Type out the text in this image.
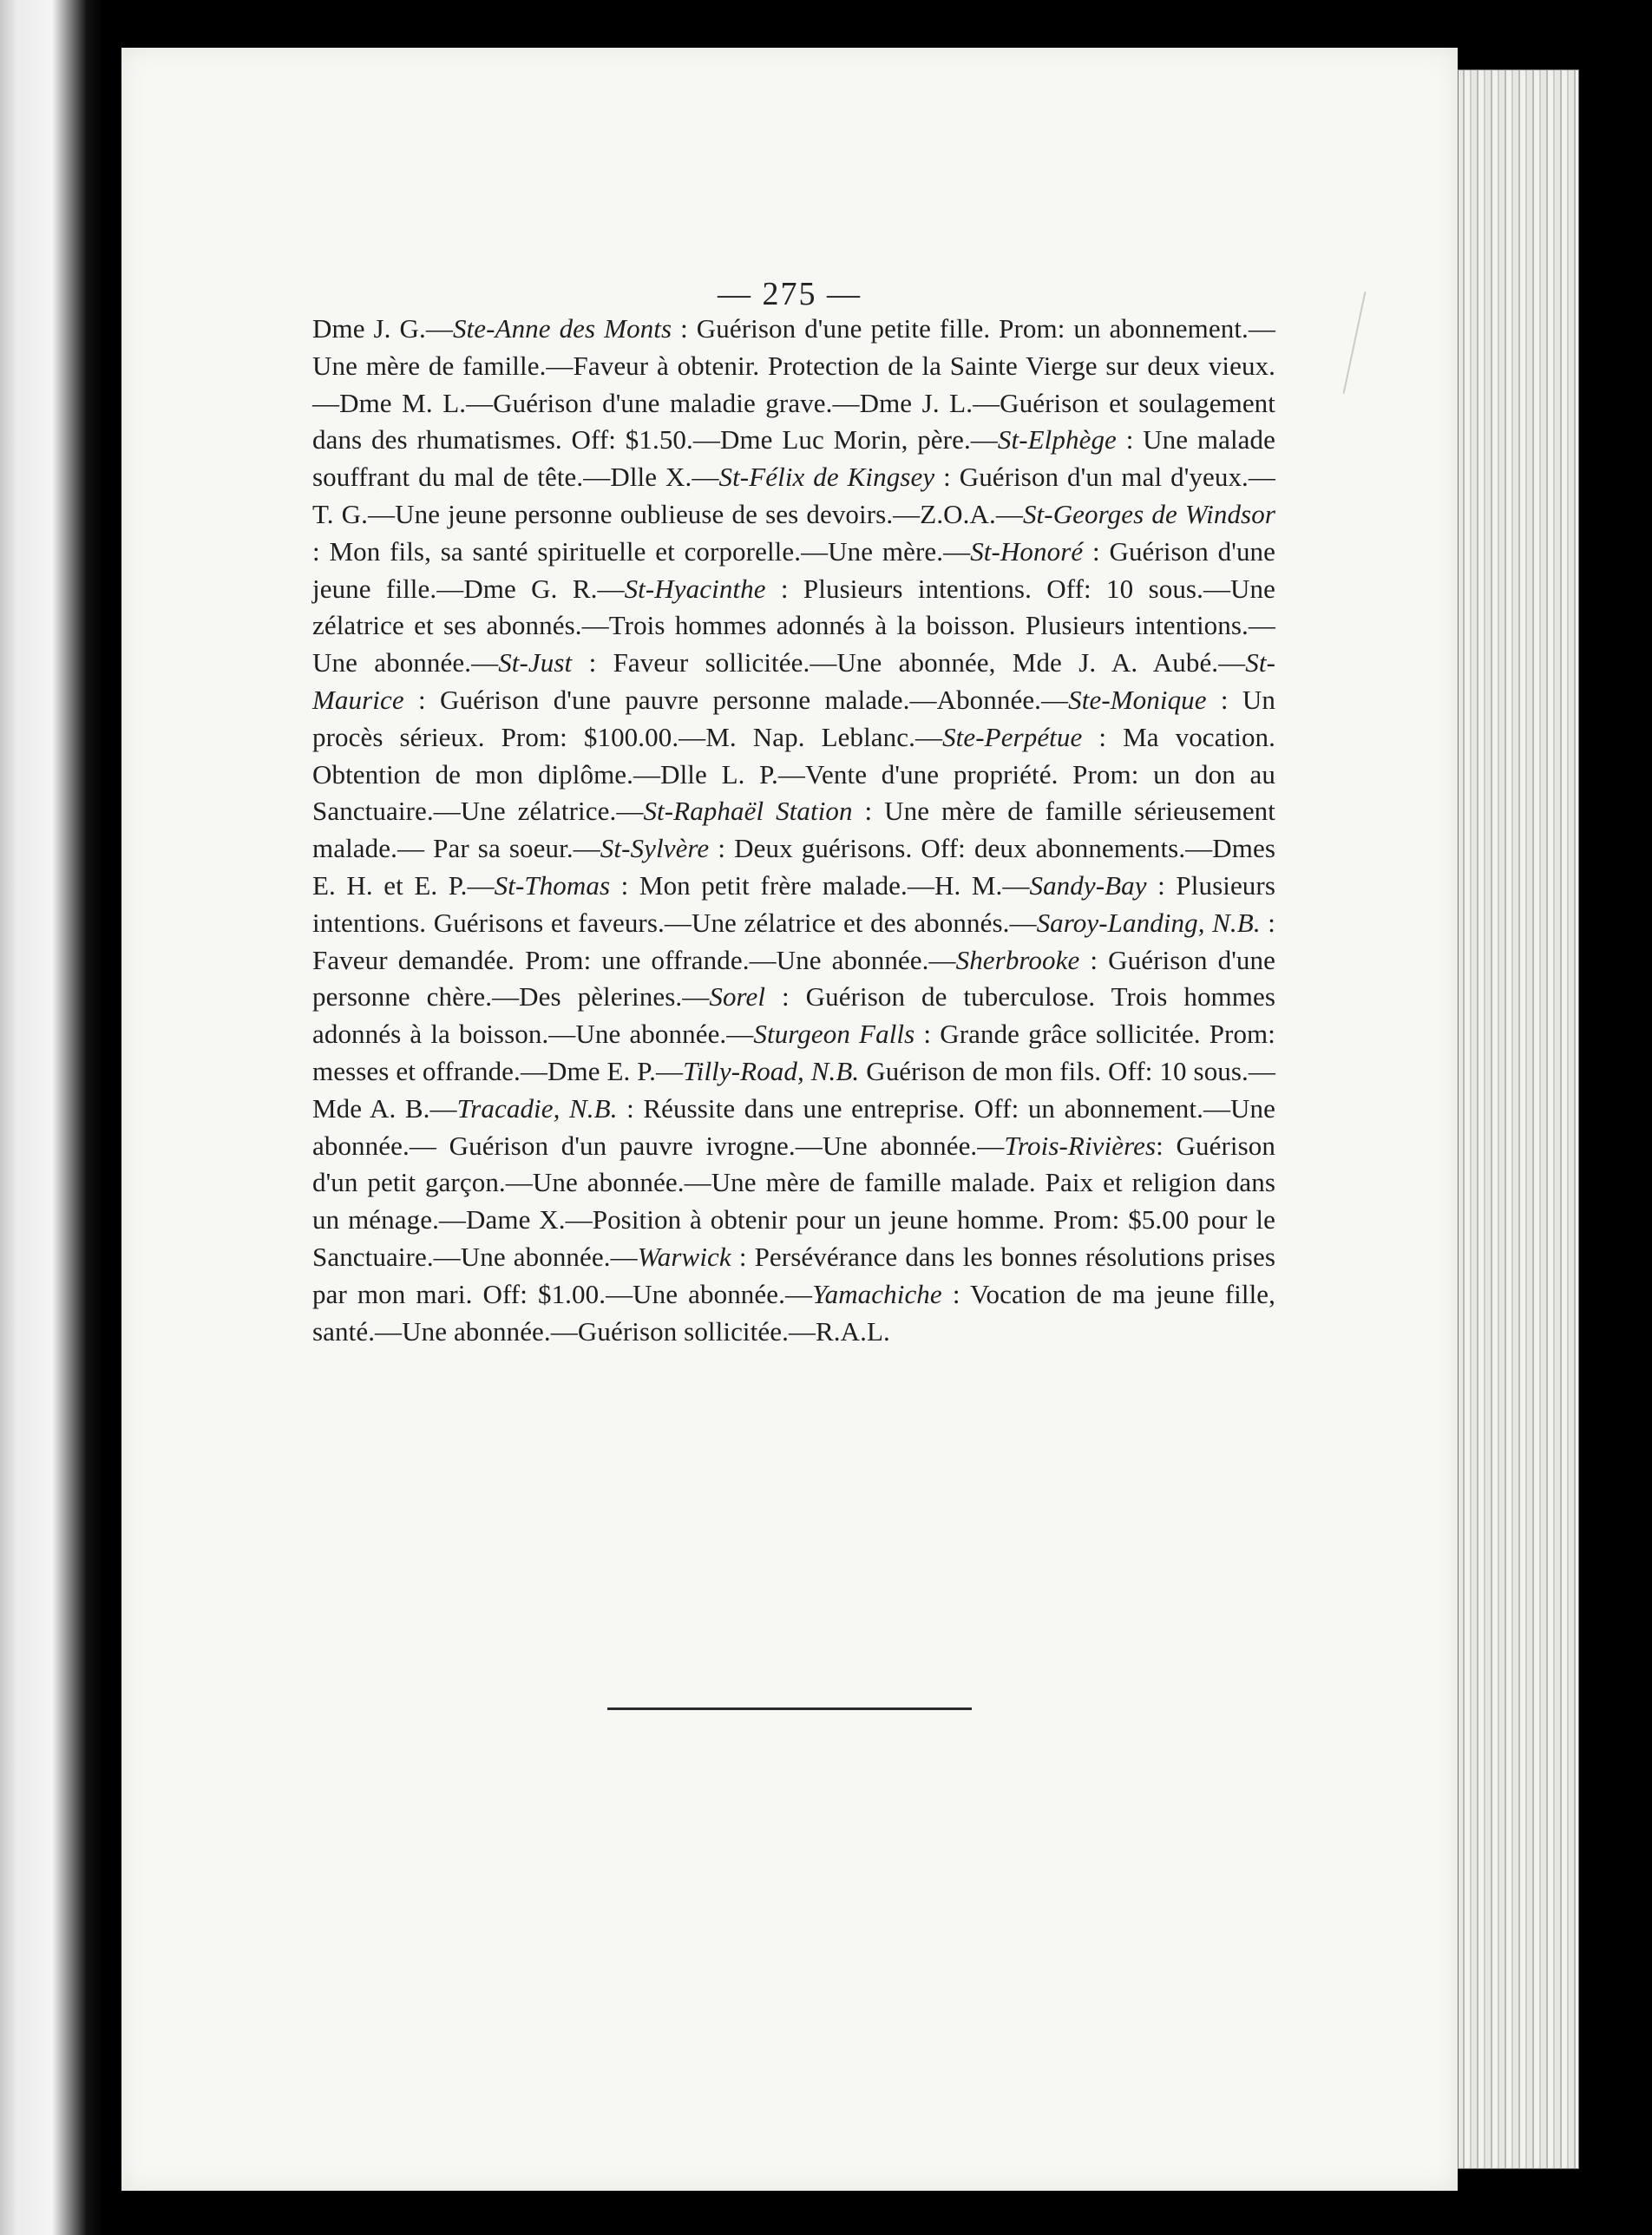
— 275 —
Dme J. G.—Ste-Anne des Monts : Guérison d'une petite fille. Prom: un abonnement.—Une mère de famille.—Faveur à obtenir. Protection de la Sainte Vierge sur deux vieux.—Dme M. L.—Guérison d'une maladie grave.—Dme J. L.—Guérison et soulagement dans des rhumatismes. Off: $1.50.—Dme Luc Morin, père.—St-Elphège : Une malade souffrant du mal de tête.—Dlle X.—St-Félix de Kingsey : Guérison d'un mal d'yeux.—T. G.—Une jeune personne oublieuse de ses devoirs.—Z.O.A.—St-Georges de Windsor : Mon fils, sa santé spirituelle et corporelle.—Une mère.—St-Honoré : Guérison d'une jeune fille.—Dme G. R.—St-Hyacinthe : Plusieurs intentions. Off: 10 sous.—Une zélatrice et ses abonnés.—Trois hommes adonnés à la boisson. Plusieurs intentions.—Une abonnée.—St-Just : Faveur sollicitée.—Une abonnée, Mde J. A. Aubé.—St-Maurice : Guérison d'une pauvre personne malade.—Abonnée.—Ste-Monique : Un procès sérieux. Prom: $100.00.—M. Nap. Leblanc.—Ste-Perpétue : Ma vocation. Obtention de mon diplôme.—Dlle L. P.—Vente d'une propriété. Prom: un don au Sanctuaire.—Une zélatrice.—St-Raphaël Station : Une mère de famille sérieusement malade.— Par sa soeur.—St-Sylvère : Deux guérisons. Off: deux abonnements.—Dmes E. H. et E. P.—St-Thomas : Mon petit frère malade.—H. M.—Sandy-Bay : Plusieurs intentions. Guérisons et faveurs.—Une zélatrice et des abonnés.—Saroy-Landing, N.B. : Faveur demandée. Prom: une offrande.—Une abonnée.—Sherbrooke : Guérison d'une personne chère.—Des pèlerines.—Sorel : Guérison de tuberculose. Trois hommes adonnés à la boisson.—Une abonnée.—Sturgeon Falls : Grande grâce sollicitée. Prom: messes et offrande.—Dme E. P.—Tilly-Road, N.B. Guérison de mon fils. Off: 10 sous.—Mde A. B.—Tracadie, N.B. : Réussite dans une entreprise. Off: un abonnement.—Une abonnée.— Guérison d'un pauvre ivrogne.—Une abonnée.—Trois-Rivières: Guérison d'un petit garçon.—Une abonnée.—Une mère de famille malade. Paix et religion dans un ménage.—Dame X.—Position à obtenir pour un jeune homme. Prom: $5.00 pour le Sanctuaire.—Une abonnée.—Warwick : Persévérance dans les bonnes résolutions prises par mon mari. Off: $1.00.—Une abonnée.—Yamachiche : Vocation de ma jeune fille, santé.—Une abonnée.—Guérison sollicitée.—R.A.L.
